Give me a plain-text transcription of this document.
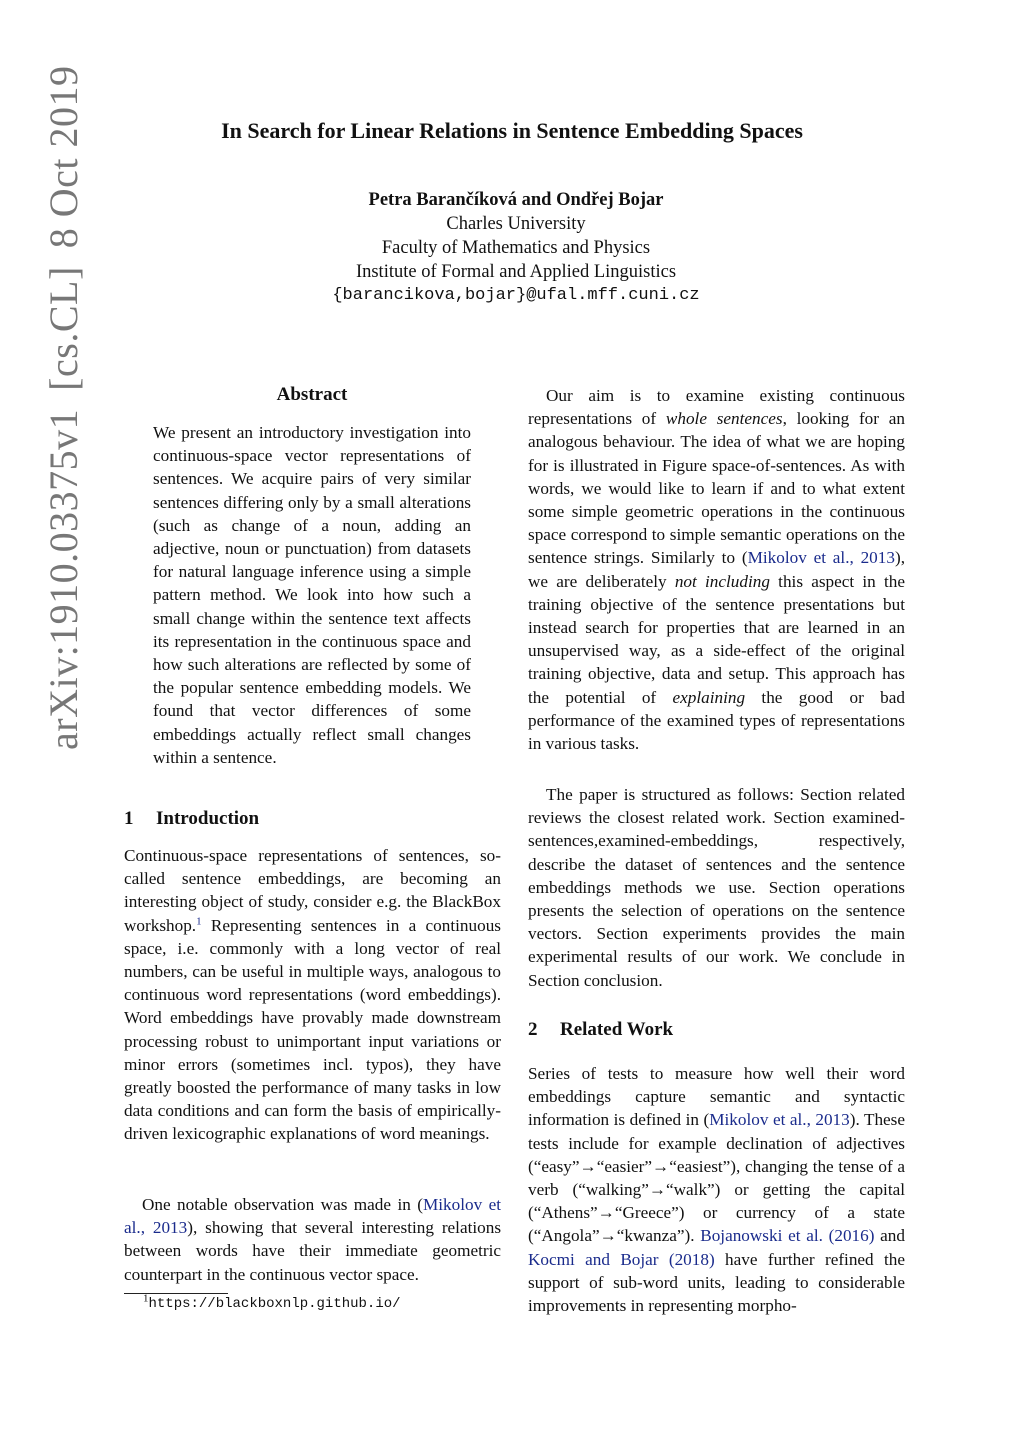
arXiv:1910.03375v1[cs.CL]8 Oct 2019	In Search for Linear Relations in Sentence Embedding Spaces
Petra Barančíková and Ondřej Bojar
Charles University
Faculty of Mathematics and Physics
Institute of Formal and Applied Linguistics
{barancikova,bojar}@ufal.mff.cuni.cz
Abstract
We present an introductory investigation into continuous-space vector representations of sentences. We acquire pairs of very similar sentences differing only by a small alterations (such as change of a noun, adding an adjective, noun or punctuation) from datasets for natural language inference using a simple pattern method. We look into how such a small change within the sentence text affects its representation in the continuous space and how such alterations are reflected by some of the popular sentence embedding models. We found that vector differences of some embeddings actually reflect small changes within a sentence.
1 Introduction
Continuous-space representations of sentences, so-called sentence embeddings, are becoming an interesting object of study, consider e.g. the BlackBox workshop.$^1$ Representing sentences in a continuous space, i.e. commonly with a long vector of real numbers, can be useful in multiple ways, analogous to continuous word representations (word embeddings). Word embeddings have provably made downstream processing robust to unimportant input variations or minor errors (sometimes incl. typos), they have greatly boosted the performance of many tasks in low data conditions and can form the basis of empirically-driven lexicographic explanations of word meanings.
One notable observation was made in (Mikolov et al., 2013), showing that several interesting relations between words have their immediate geometric counterpart in the continuous vector space.
$^1$https://blackboxnlp.github.io/
Our aim is to examine existing continuous representations of whole sentences, looking for an analogous behaviour. The idea of what we are hoping for is illustrated in Figure space-of-sentences. As with words, we would like to learn if and to what extent some simple geometric operations in the continuous space correspond to simple semantic operations on the sentence strings. Similarly to (Mikolov et al., 2013), we are deliberately not including this aspect in the training objective of the sentence presentations but instead search for properties that are learned in an unsupervised way, as a side-effect of the original training objective, data and setup. This approach has the potential of explaining the good or bad performance of the examined types of representations in various tasks.
The paper is structured as follows: Section related reviews the closest related work. Section examined-sentences,examined-embeddings, respectively, describe the dataset of sentences and the sentence embeddings methods we use. Section operations presents the selection of operations on the sentence vectors. Section experiments provides the main experimental results of our work. We conclude in Section conclusion.
2 Related Work
Series of tests to measure how well their word embeddings capture semantic and syntactic information is defined in (Mikolov et al., 2013). These tests include for example declination of adjectives (“easy”→“easier”→“easiest”), changing the tense of a verb (“walking”→“walk”) or getting the capital (“Athens”→“Greece”) or currency of a state (“Angola”→“kwanza”). Bojanowski et al. (2016) and Kocmi and Bojar (2018) have further refined the support of sub-word units, leading to considerable improvements in representing morpho-
